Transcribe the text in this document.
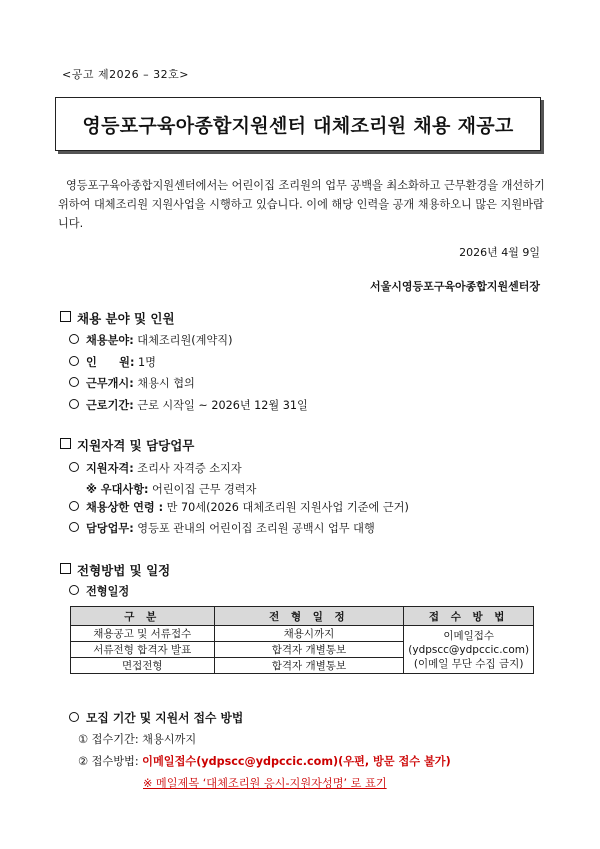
<공고 제2026 – 32호>
영등포구육아종합지원센터 대체조리원 채용 재공고
영등포구육아종합지원센터에서는 어린이집 조리원의 업무 공백을 최소화하고 근무환경을 개선하기 위하여 대체조리원 지원사업을 시행하고 있습니다. 이에 해당 인력을 공개 채용하오니 많은 지원바랍니다.
2026년 4월 9일
서울시영등포구육아종합지원센터장
채용 분야 및 인원
채용분야: 대체조리원(계약직)
인　　원: 1명
근무개시: 채용시 협의
근로기간: 근로 시작일 ~ 2026년 12월 31일
지원자격 및 담당업무
지원자격: 조리사 자격증 소지자
※ 우대사항: 어린이집 근무 경력자
채용상한 연령 : 만 70세(2026 대체조리원 지원사업 기준에 근거)
담당업무: 영등포 관내의 어린이집 조리원 공백시 업무 대행
전형방법 및 일정
전형일정
구 분	전 형 일 정	접 수 방 법
채용공고 및 서류접수	채용시까지	이메일접수
(ydpscc@ydpccic.com)
(이메일 무단 수집 금지)

서류전형 합격자 발표	합격자 개별통보	
면접전형	합격자 개별통보	
모집 기간 및 지원서 접수 방법
① 접수기간: 채용시까지
② 접수방법: 이메일접수(ydpscc@ydpccic.com)(우편, 방문 접수 불가)
※ 메일제목 ‘대체조리원 응시-지원자성명’ 로 표기
